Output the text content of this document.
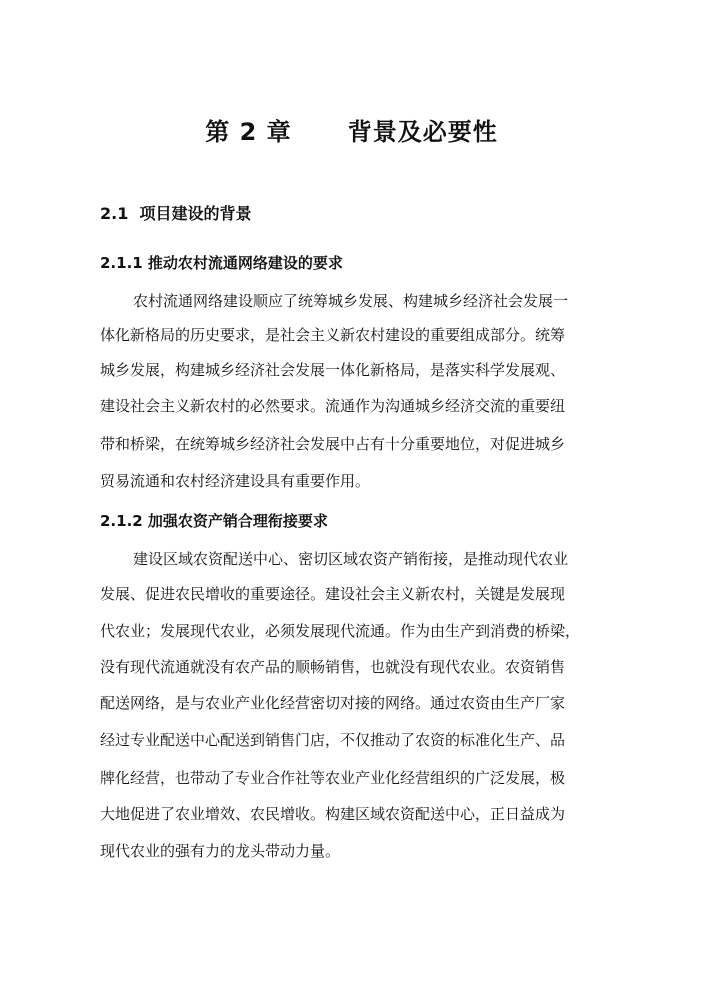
第 2 章      背景及必要性
2.1  项目建设的背景
2.1.1 推动农村流通网络建设的要求
农村流通网络建设顺应了统筹城乡发展、构建城乡经济社会发展一
体化新格局的历史要求，是社会主义新农村建设的重要组成部分。统筹
城乡发展，构建城乡经济社会发展一体化新格局，是落实科学发展观、
建设社会主义新农村的必然要求。流通作为沟通城乡经济交流的重要纽
带和桥梁，在统筹城乡经济社会发展中占有十分重要地位，对促进城乡
贸易流通和农村经济建设具有重要作用。
2.1.2 加强农资产销合理衔接要求
建设区域农资配送中心、密切区域农资产销衔接，是推动现代农业
发展、促进农民增收的重要途径。建设社会主义新农村，关键是发展现
代农业；发展现代农业，必须发展现代流通。作为由生产到消费的桥梁，
没有现代流通就没有农产品的顺畅销售，也就没有现代农业。农资销售
配送网络，是与农业产业化经营密切对接的网络。通过农资由生产厂家
经过专业配送中心配送到销售门店，不仅推动了农资的标准化生产、品
牌化经营，也带动了专业合作社等农业产业化经营组织的广泛发展，极
大地促进了农业增效、农民增收。构建区域农资配送中心，正日益成为
现代农业的强有力的龙头带动力量。
